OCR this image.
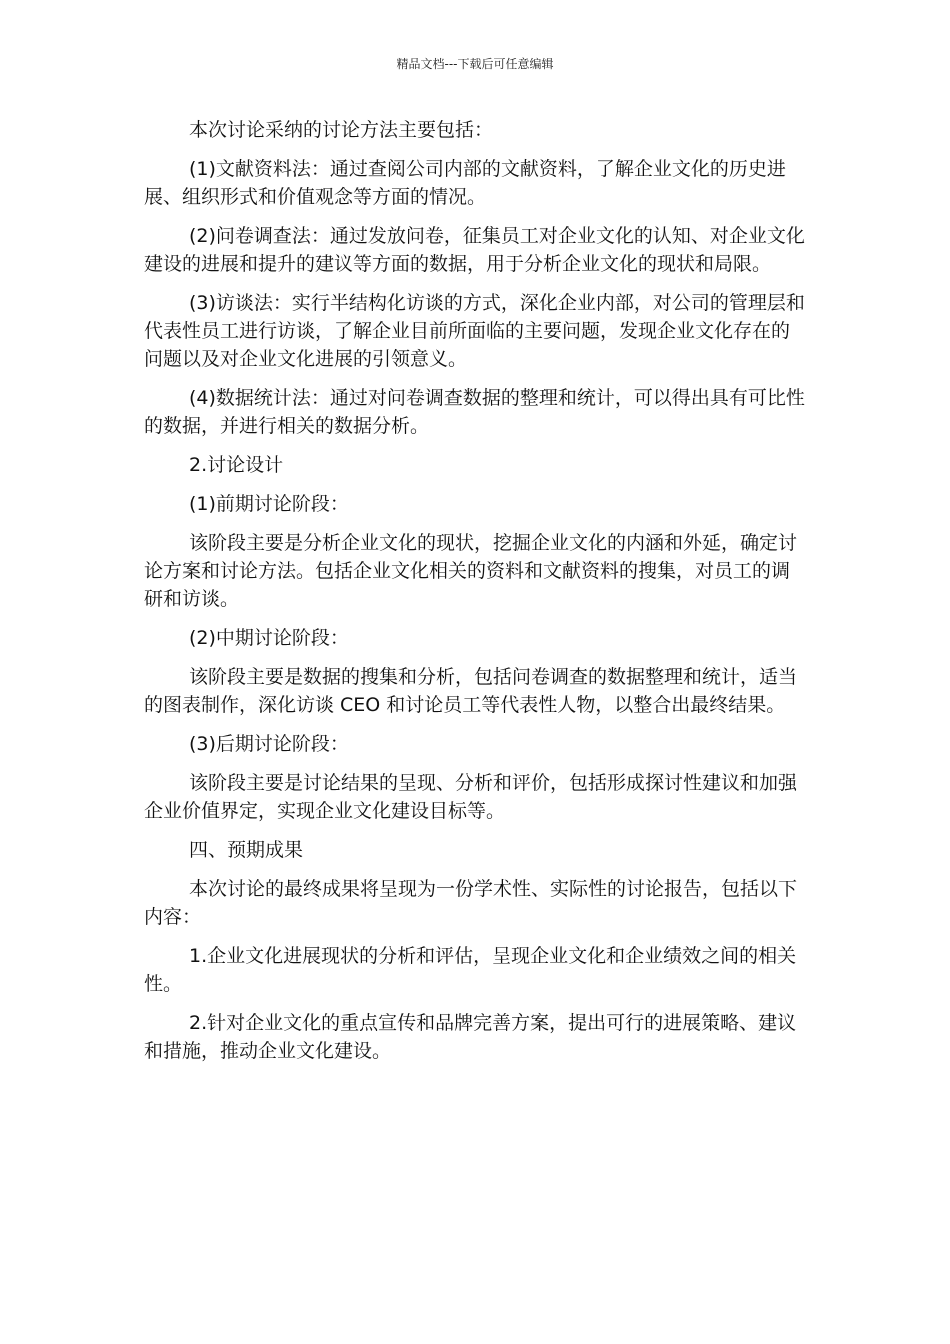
精品文档---下载后可任意编辑

本次讨论采纳的讨论方法主要包括：

(1)文献资料法：通过查阅公司内部的文献资料，了解企业文化的历史进展、组织形式和价值观念等方面的情况。

(2)问卷调查法：通过发放问卷，征集员工对企业文化的认知、对企业文化建设的进展和提升的建议等方面的数据，用于分析企业文化的现状和局限。

(3)访谈法：实行半结构化访谈的方式，深化企业内部，对公司的管理层和代表性员工进行访谈，了解企业目前所面临的主要问题，发现企业文化存在的问题以及对企业文化进展的引领意义。

(4)数据统计法：通过对问卷调查数据的整理和统计，可以得出具有可比性的数据，并进行相关的数据分析。

2.讨论设计

(1)前期讨论阶段：

该阶段主要是分析企业文化的现状，挖掘企业文化的内涵和外延，确定讨论方案和讨论方法。包括企业文化相关的资料和文献资料的搜集，对员工的调研和访谈。

(2)中期讨论阶段：

该阶段主要是数据的搜集和分析，包括问卷调查的数据整理和统计，适当的图表制作，深化访谈 CEO 和讨论员工等代表性人物，以整合出最终结果。

(3)后期讨论阶段：

该阶段主要是讨论结果的呈现、分析和评价，包括形成探讨性建议和加强企业价值界定，实现企业文化建设目标等。

四、预期成果

本次讨论的最终成果将呈现为一份学术性、实际性的讨论报告，包括以下内容：

1.企业文化进展现状的分析和评估，呈现企业文化和企业绩效之间的相关性。

2.针对企业文化的重点宣传和品牌完善方案，提出可行的进展策略、建议和措施，推动企业文化建设。
